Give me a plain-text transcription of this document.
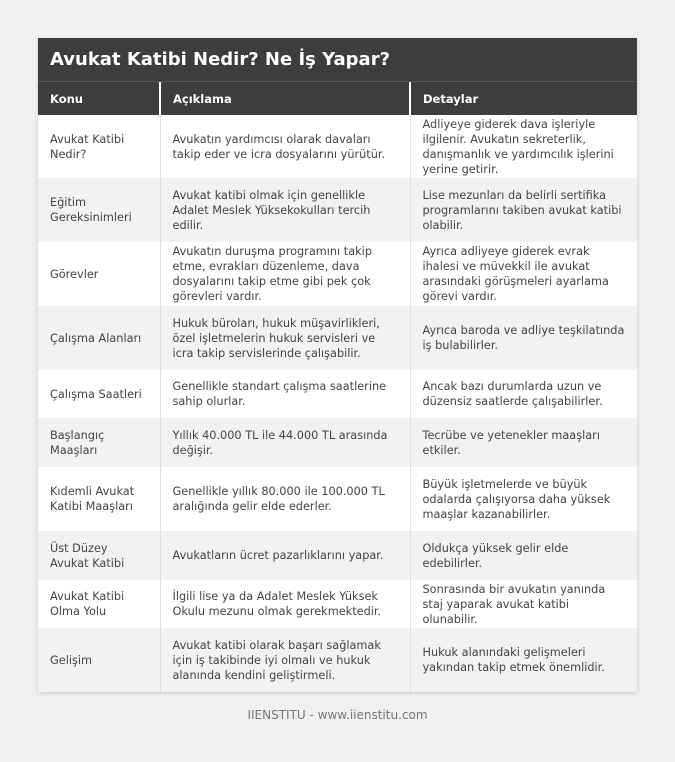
Avukat Katibi Nedir? Ne İş Yapar?
Konu	Açıklama	Detaylar
Avukat Katibi Nedir?	Avukatın yardımcısı olarak davaları takip eder ve icra dosyalarını yürütür.	Adliyeye giderek dava işleriyle ilgilenir. Avukatın sekreterlik, danışmanlık ve yardımcılık işlerini yerine getirir.
Eğitim Gereksinimleri	Avukat katibi olmak için genellikle Adalet Meslek Yüksekokulları tercih edilir.	Lise mezunları da belirli sertifika programlarını takiben avukat katibi olabilir.
Görevler	Avukatın duruşma programını takip etme, evrakları düzenleme, dava dosyalarını takip etme gibi pek çok görevleri vardır.	Ayrıca adliyeye giderek evrak ihalesi ve müvekkil ile avukat arasındaki görüşmeleri ayarlama görevi vardır.
Çalışma Alanları	Hukuk büroları, hukuk müşavirlikleri, özel işletmelerin hukuk servisleri ve icra takip servislerinde çalışabilir.	Ayrıca baroda ve adliye teşkilatında iş bulabilirler.
Çalışma Saatleri	Genellikle standart çalışma saatlerine sahip olurlar.	Ancak bazı durumlarda uzun ve düzensiz saatlerde çalışabilirler.
Başlangıç Maaşları	Yıllık 40.000 TL ile 44.000 TL arasında değişir.	Tecrübe ve yetenekler maaşları etkiler.
Kıdemli Avukat Katibi Maaşları	Genellikle yıllık 80.000 ile 100.000 TL aralığında gelir elde ederler.	Büyük işletmelerde ve büyük odalarda çalışıyorsa daha yüksek maaşlar kazanabilirler.
Üst Düzey Avukat Katibi	Avukatların ücret pazarlıklarını yapar.	Oldukça yüksek gelir elde edebilirler.
Avukat Katibi Olma Yolu	İlgili lise ya da Adalet Meslek Yüksek Okulu mezunu olmak gerekmektedir.	Sonrasında bir avukatın yanında staj yaparak avukat katibi olunabilir.
Gelişim	Avukat katibi olarak başarı sağlamak için iş takibinde iyi olmalı ve hukuk alanında kendini geliştirmeli.	Hukuk alanındaki gelişmeleri yakından takip etmek önemlidir.
IIENSTITU - www.iienstitu.com
